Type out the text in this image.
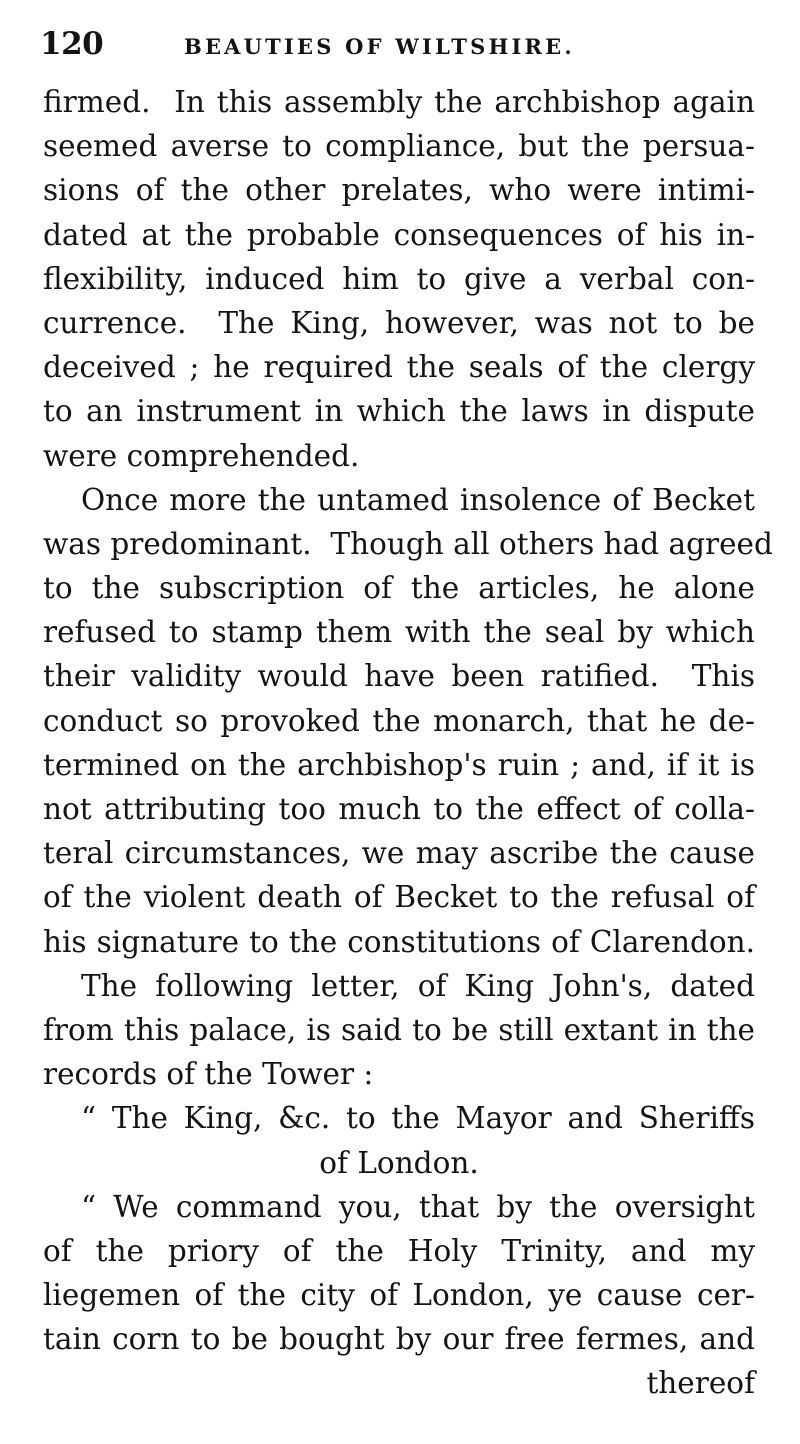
120	BEAUTIES OF WILTSHIRE.
firmed.  In this assembly the archbishop again
seemed averse to compliance, but the persua-
sions of the other prelates, who were intimi-
dated at the probable consequences of his in-
flexibility, induced him to give a verbal con-
currence.  The King, however, was not to be
deceived ; he required the seals of the clergy
to an instrument in which the laws in dispute
were comprehended.
Once more the untamed insolence of Becket
was predominant.  Though all others had agreed
to the subscription of the articles, he alone
refused to stamp them with the seal by which
their validity would have been ratified.  This
conduct so provoked the monarch, that he de-
termined on the archbishop's ruin ; and, if it is
not attributing too much to the effect of colla-
teral circumstances, we may ascribe the cause
of the violent death of Becket to the refusal of
his signature to the constitutions of Clarendon.
The following letter, of King John's, dated
from this palace, is said to be still extant in the
records of the Tower :
“ The King, &c. to the Mayor and Sheriffs
of London.
“ We command you, that by the oversight
of the priory of the Holy Trinity, and my
liegemen of the city of London, ye cause cer-
tain corn to be bought by our free fermes, and
thereof
